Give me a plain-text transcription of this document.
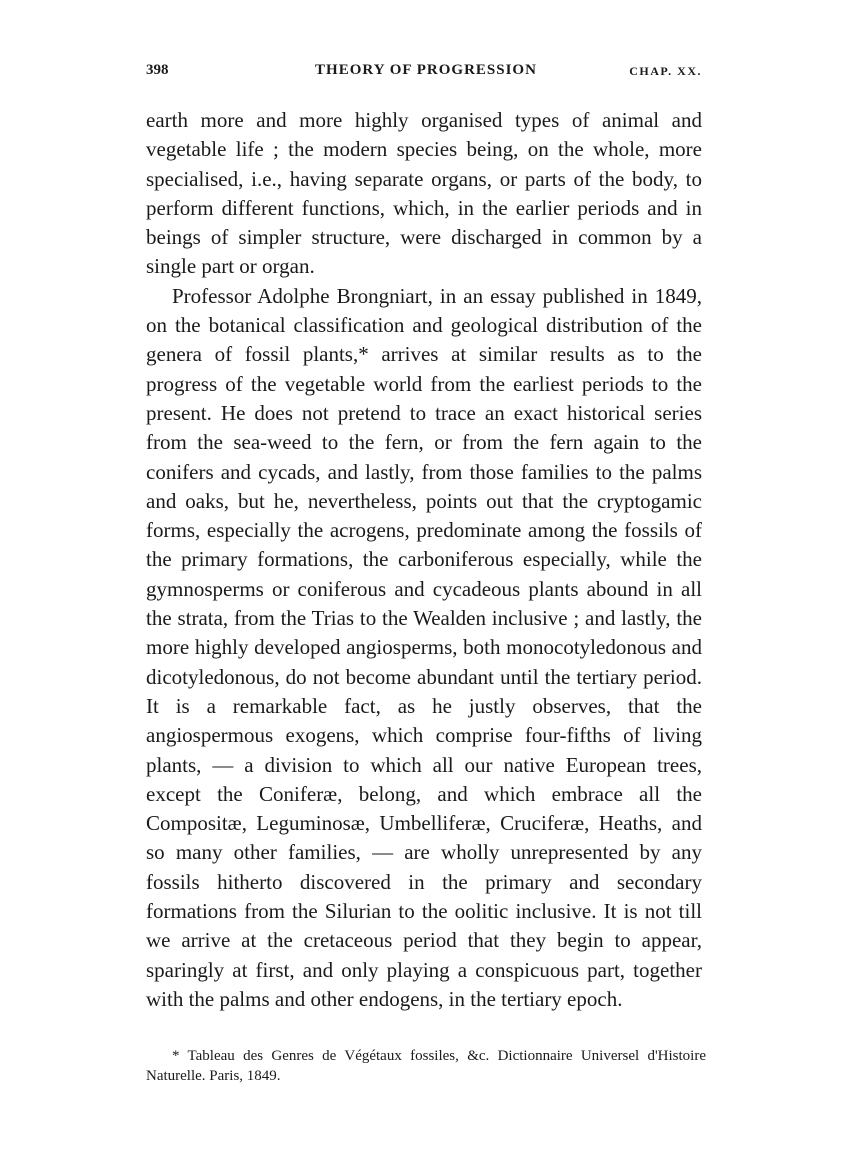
398	THEORY OF PROGRESSION	CHAP. XX.

earth more and more highly organised types of animal and vegetable life ; the modern species being, on the whole, more specialised, i.e., having separate organs, or parts of the body, to perform different functions, which, in the earlier periods and in beings of simpler structure, were discharged in common by a single part or organ.

Professor Adolphe Brongniart, in an essay published in 1849, on the botanical classification and geological distribution of the genera of fossil plants,* arrives at similar results as to the progress of the vegetable world from the earliest periods to the present. He does not pretend to trace an exact historical series from the sea-weed to the fern, or from the fern again to the conifers and cycads, and lastly, from those families to the palms and oaks, but he, nevertheless, points out that the cryptogamic forms, especially the acrogens, predominate among the fossils of the primary formations, the carboniferous especially, while the gymnosperms or coniferous and cycadeous plants abound in all the strata, from the Trias to the Wealden inclusive ; and lastly, the more highly developed angiosperms, both monocotyledonous and dicotyledonous, do not become abundant until the tertiary period. It is a remarkable fact, as he justly observes, that the angiospermous exogens, which comprise four-fifths of living plants, — a division to which all our native European trees, except the Coniferæ, belong, and which embrace all the Compositæ, Leguminosæ, Umbelliferæ, Cruciferæ, Heaths, and so many other families, — are wholly unrepresented by any fossils hitherto discovered in the primary and secondary formations from the Silurian to the oolitic inclusive. It is not till we arrive at the cretaceous period that they begin to appear, sparingly at first, and only playing a conspicuous part, together with the palms and other endogens, in the tertiary epoch.

* Tableau des Genres de Végétaux fossiles, &c. Dictionnaire Universel d'Histoire Naturelle. Paris, 1849.
